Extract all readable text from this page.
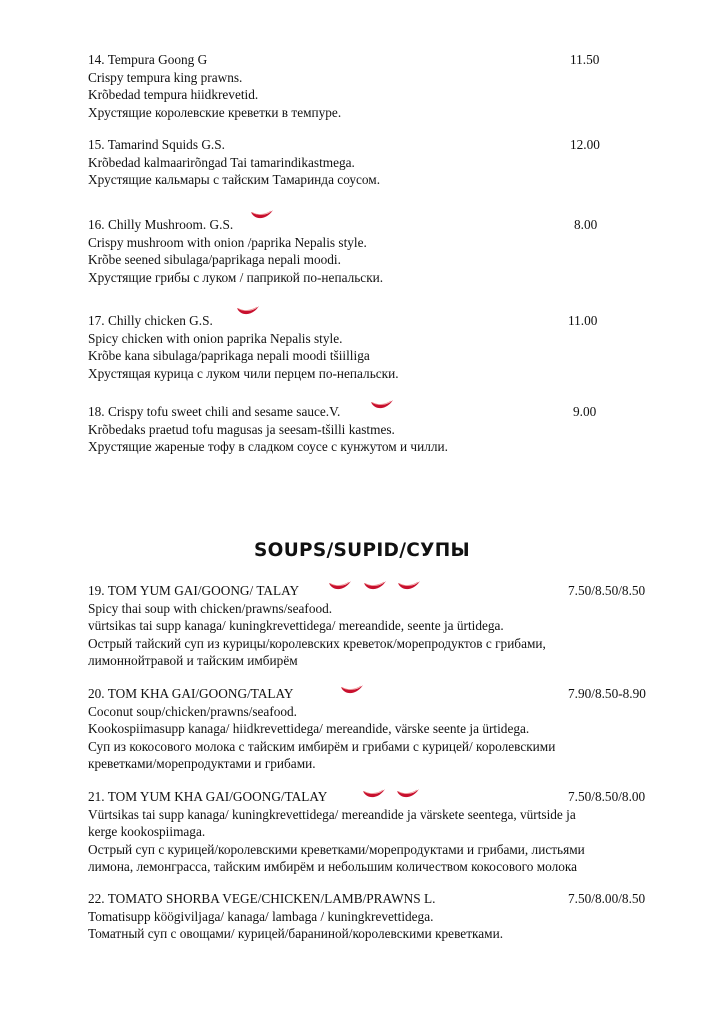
14. Tempura Goong G	11.50
Crispy tempura king prawns.
Krõbedad tempura hiidkrevetid.
Хрустящие королевские креветки в темпуре.
15. Tamarind Squids G.S.	12.00
Krõbedad kalmaarirõngad Tai tamarindikastmega.
Хрустящие кальмары с тайским Тамаринда соусом.
16. Chilly Mushroom. G.S.	8.00
Crispy mushroom with onion /paprika Nepalis style.
Krõbe seened sibulaga/paprikaga nepali moodi.
Хрустящие грибы с луком / паприкой по-непальски.
17. Chilly chicken G.S.	11.00
Spicy chicken with onion paprika Nepalis style.
Krõbe kana sibulaga/paprikaga nepali moodi tšiilliga
Хрустящая курица с луком чили перцем по-непальски.
18. Crispy tofu sweet chili and sesame sauce.V.	9.00
Krõbedaks praetud tofu magusas ja seesam-tšilli kastmes.
Хрустящие жареные тофу в сладком соусе с кунжутом и чилли.
SOUPS/SUPID/СУПЫ
19. TOM YUM GAI/GOONG/ TALAY	7.50/8.50/8.50
Spicy thai soup with chicken/prawns/seafood.
vürtsikas tai supp kanaga/ kuningkrevettidega/ mereandide, seente ja ürtidega.
Острый тайский суп из курицы/королевских креветок/морепродуктов с грибами,
лимоннойтравой и тайским имбирём
20. TOM KHA GAI/GOONG/TALAY	7.90/8.50-8.90
Coconut soup/chicken/prawns/seafood.
Kookospiimasupp kanaga/ hiidkrevettidega/ mereandide, värske seente ja ürtidega.
Суп из кокосового молока с тайским имбирём и грибами с курицей/ королевскими
креветками/морепродуктами и грибами.
21. TOM YUM KHA GAI/GOONG/TALAY	7.50/8.50/8.00
Vürtsikas tai supp kanaga/ kuningkrevettidega/ mereandide ja värskete seentega, vürtside ja
kerge kookospiimaga.
Острый суп с курицей/королевскими креветками/морепродуктами и грибами, листьями
лимона, лемонграсса, тайским имбирём и небольшим количеством кокосового молока
22. TOMATO SHORBA VEGE/CHICKEN/LAMB/PRAWNS L.	7.50/8.00/8.50
Tomatisupp köögiviljaga/ kanaga/ lambaga / kuningkrevettidega.
Томатный суп с овощами/ курицей/бараниной/королевскими креветками.
